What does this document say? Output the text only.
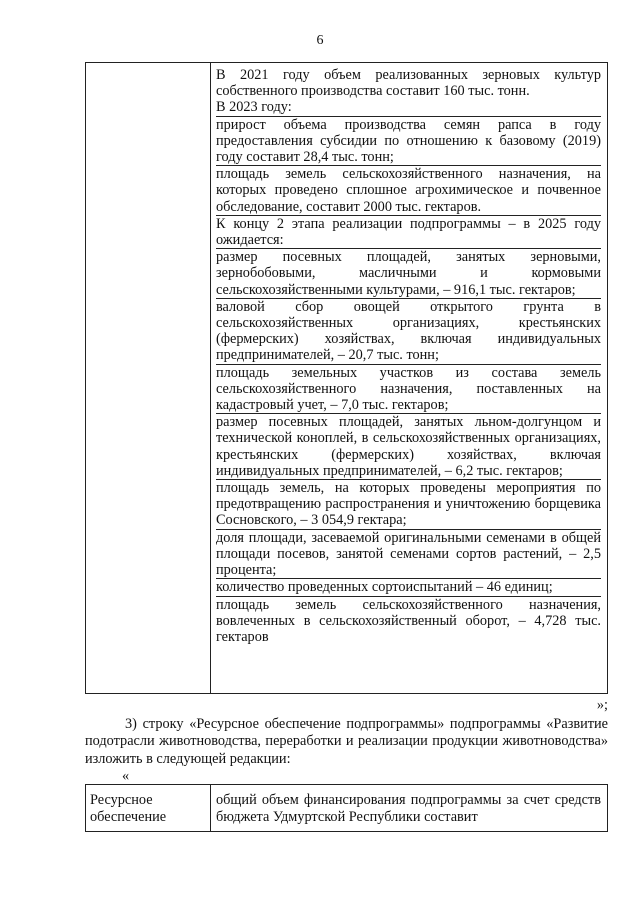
6

В 2021 году объем реализованных зерновых культур собственного производства составит 160 тыс. тонн.

В 2023 году:

прирост объема производства семян рапса в году предоставления субсидии по отношению к базовому (2019) году составит 28,4 тыс. тонн;

площадь земель сельскохозяйственного назначения, на которых проведено сплошное агрохимическое и почвенное обследование, составит 2000 тыс. гектаров.

К концу 2 этапа реализации подпрограммы – в 2025 году ожидается:

размер посевных площадей, занятых зерновыми, зернобобовыми, масличными и кормовыми сельскохозяйственными культурами, – 916,1 тыс. гектаров;

валовой сбор овощей открытого грунта в сельскохозяйственных организациях, крестьянских (фермерских) хозяйствах, включая индивидуальных предпринимателей, – 20,7 тыс. тонн;

площадь земельных участков из состава земель сельскохозяйственного назначения, поставленных на кадастровый учет, – 7,0 тыс. гектаров;

размер посевных площадей, занятых льном-долгунцом и технической коноплей, в сельскохозяйственных организациях, крестьянских (фермерских) хозяйствах, включая индивидуальных предпринимателей, – 6,2 тыс. гектаров;

площадь земель, на которых проведены мероприятия по предотвращению распространения и уничтожению борщевика Сосновского, – 3 054,9 гектара;

доля площади, засеваемой оригинальными семенами в общей площади посевов, занятой семенами сортов растений, – 2,5 процента;

количество проведенных сортоиспытаний – 46 единиц;

площадь земель сельскохозяйственного назначения, вовлеченных в сельскохозяйственный оборот, – 4,728 тыс. гектаров

»;

3) строку «Ресурсное обеспечение подпрограммы» подпрограммы «Развитие подотрасли животноводства, переработки и реализации продукции животноводства» изложить в следующей редакции:

«
Ресурсное обеспечение
общий объем финансирования подпрограммы за счет средств бюджета Удмуртской Республики составит
